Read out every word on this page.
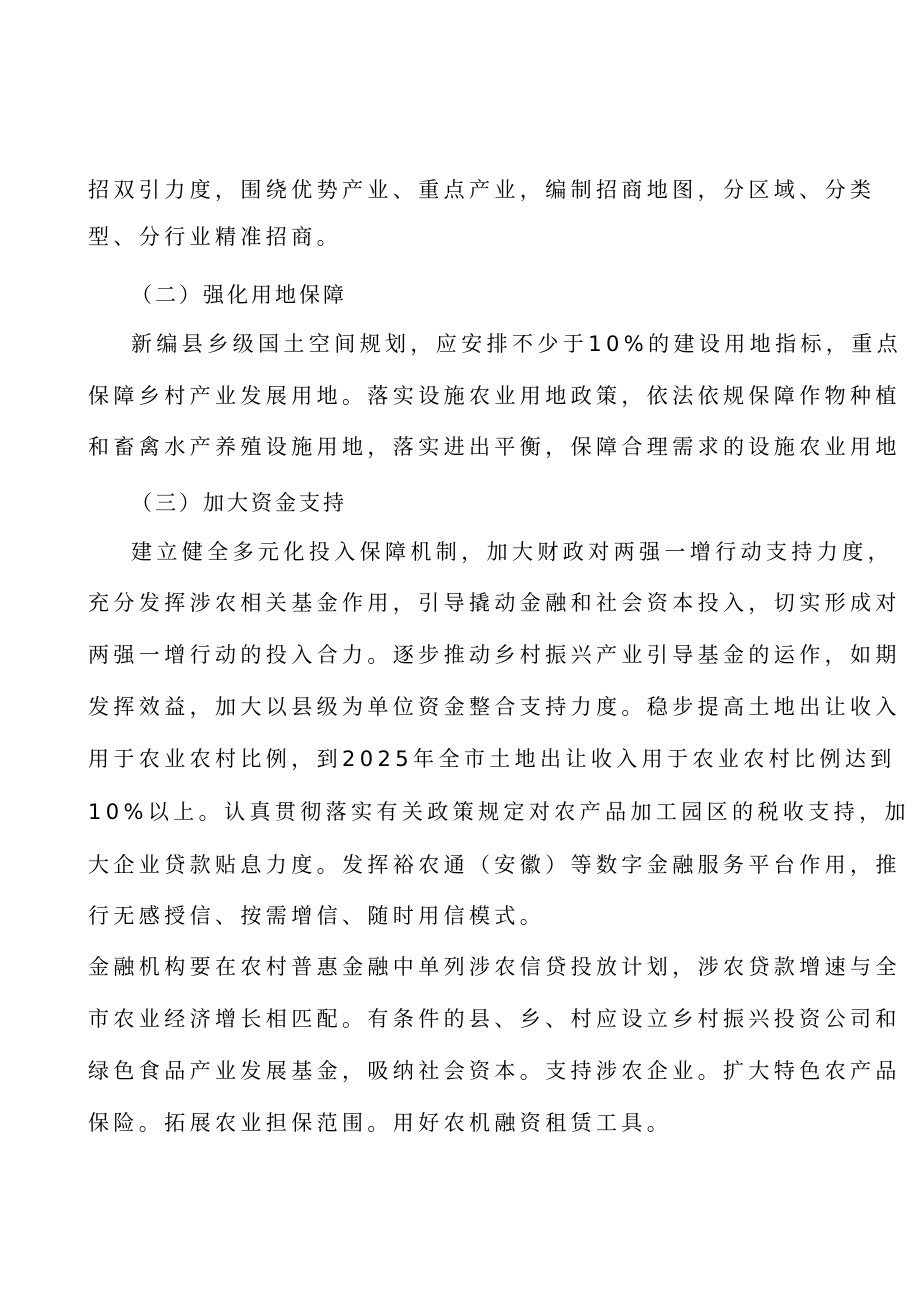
招双引力度，围绕优势产业、重点产业，编制招商地图，分区域、分类
型、分行业精准招商。
（二）强化用地保障
新编县乡级国土空间规划，应安排不少于10%的建设用地指标，重点
保障乡村产业发展用地。落实设施农业用地政策，依法依规保障作物种植
和畜禽水产养殖设施用地，落实进出平衡，保障合理需求的设施农业用地
（三）加大资金支持
建立健全多元化投入保障机制，加大财政对两强一增行动支持力度，
充分发挥涉农相关基金作用，引导撬动金融和社会资本投入，切实形成对
两强一增行动的投入合力。逐步推动乡村振兴产业引导基金的运作，如期
发挥效益，加大以县级为单位资金整合支持力度。稳步提高土地出让收入
用于农业农村比例，到2025年全市土地出让收入用于农业农村比例达到
10%以上。认真贯彻落实有关政策规定对农产品加工园区的税收支持，加
大企业贷款贴息力度。发挥裕农通（安徽）等数字金融服务平台作用，推
行无感授信、按需增信、随时用信模式。
金融机构要在农村普惠金融中单列涉农信贷投放计划，涉农贷款增速与全
市农业经济增长相匹配。有条件的县、乡、村应设立乡村振兴投资公司和
绿色食品产业发展基金，吸纳社会资本。支持涉农企业。扩大特色农产品
保险。拓展农业担保范围。用好农机融资租赁工具。
